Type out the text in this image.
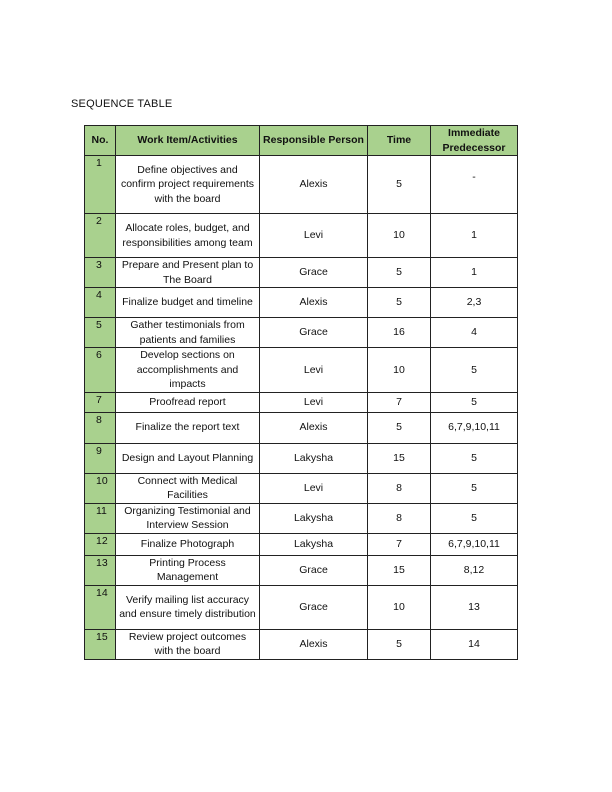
SEQUENCE TABLE
No.	Work Item/Activities	Responsible Person	Time	Immediate Predecessor
1	Define objectives and confirm project requirements with the board	Alexis	5	-
2	Allocate roles, budget, and responsibilities among team	Levi	10	1
3	Prepare and Present plan to The Board	Grace	5	1
4	Finalize budget and timeline	Alexis	5	2,3
5	Gather testimonials from patients and families	Grace	16	4
6	Develop sections on accomplishments and impacts	Levi	10	5
7	Proofread report	Levi	7	5
8	Finalize the report text	Alexis	5	6,7,9,10,11
9	Design and Layout Planning	Lakysha	15	5
10	Connect with Medical Facilities	Levi	8	5
11	Organizing Testimonial and Interview Session	Lakysha	8	5
12	Finalize Photograph	Lakysha	7	6,7,9,10,11
13	Printing Process Management	Grace	15	8,12
14	Verify mailing list accuracy and ensure timely distribution	Grace	10	13
15	Review project outcomes with the board	Alexis	5	14
